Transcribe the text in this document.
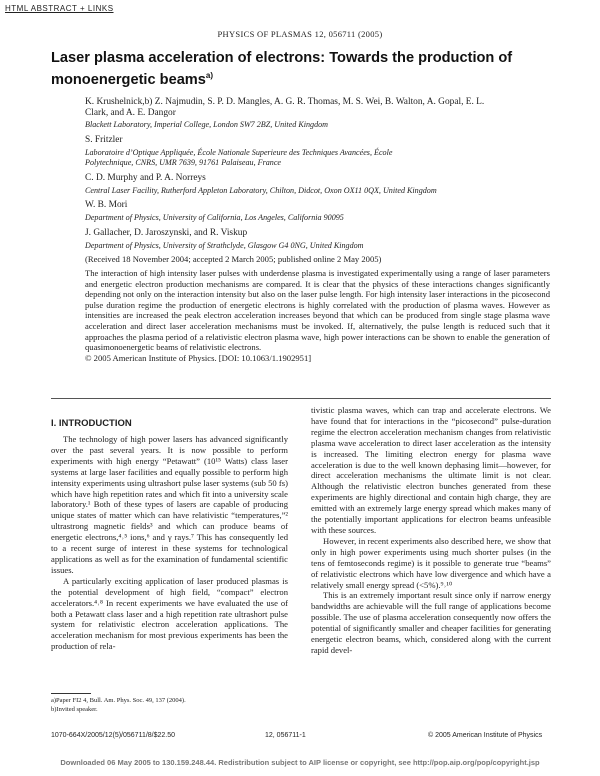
HTML ABSTRACT + LINKS
PHYSICS OF PLASMAS 12, 056711 (2005)
Laser plasma acceleration of electrons: Towards the production of monoenergetic beams$^{a)}$
K. Krushelnick,b) Z. Najmudin, S. P. D. Mangles, A. G. R. Thomas, M. S. Wei, B. Walton, A. Gopal, E. L. Clark, and A. E. Dangor
Blackett Laboratory, Imperial College, London SW7 2BZ, United Kingdom
S. Fritzler
Laboratoire d’Optique Appliquée, École Nationale Superieure des Techniques Avancées, École Polytechnique, CNRS, UMR 7639, 91761 Palaiseau, France
C. D. Murphy and P. A. Norreys
Central Laser Facility, Rutherford Appleton Laboratory, Chilton, Didcot, Oxon OX11 0QX, United Kingdom
W. B. Mori
Department of Physics, University of California, Los Angeles, California 90095
J. Gallacher, D. Jaroszynski, and R. Viskup
Department of Physics, University of Strathclyde, Glasgow G4 0NG, United Kingdom
(Received 18 November 2004; accepted 2 March 2005; published online 2 May 2005)

The interaction of high intensity laser pulses with underdense plasma is investigated experimentally using a range of laser parameters and energetic electron production mechanisms are compared. It is clear that the physics of these interactions changes significantly depending not only on the interaction intensity but also on the laser pulse length. For high intensity laser interactions in the picosecond pulse duration regime the production of energetic electrons is highly correlated with the production of plasma waves. However as intensities are increased the peak electron acceleration increases beyond that which can be produced from single stage plasma wave acceleration and direct laser acceleration mechanisms must be invoked. If, alternatively, the pulse length is reduced such that it approaches the plasma period of a relativistic electron plasma wave, high power interactions can be shown to enable the generation of quasimonoenergetic beams of relativistic electrons.

© 2005 American Institute of Physics. [DOI: 10.1063/1.1902951]

I. INTRODUCTION

The technology of high power lasers has advanced significantly over the past several years. It is now possible to perform experiments with high energy “Petawatt” (10¹⁵ Watts) class laser systems at large laser facilities and equally possible to perform high intensity experiments using ultrashort pulse laser systems (sub 50 fs) which have high repetition rates and which fit into a university scale laboratory.¹ Both of these types of lasers are capable of producing unique states of matter which can have relativistic “temperatures,”² ultrastrong magnetic fields³ and which can produce beams of energetic electrons,⁴˒⁵ ions,⁶ and γ rays.⁷ This has consequently led to a recent surge of interest in these systems for technological applications as well as for the examination of fundamental scientific issues.

A particularly exciting application of laser produced plasmas is the potential development of high field, “compact” electron accelerators.⁴˒⁸ In recent experiments we have evaluated the use of both a Petawatt class laser and a high repetition rate ultrashort pulse system for relativistic electron acceleration applications. The acceleration mechanism for most previous experiments has been the production of rela-

tivistic plasma waves, which can trap and accelerate electrons. We have found that for interactions in the “picosecond” pulse-duration regime the electron acceleration mechanism changes from relativistic plasma wave acceleration to direct laser acceleration as the intensity is increased. The limiting electron energy for plasma wave acceleration is due to the well known dephasing limit—however, for direct acceleration mechanisms the ultimate limit is not clear. Although the relativistic electron bunches generated from these experiments are highly directional and contain high charge, they are emitted with an extremely large energy spread which makes many of the potentially important applications for electron beams unfeasible with these sources.

However, in recent experiments also described here, we show that only in high power experiments using much shorter pulses (in the tens of femtoseconds regime) is it possible to generate true “beams” of relativistic electrons which have low divergence and which have a relatively small energy spread (<5%).⁹˒¹⁰

This is an extremely important result since only if narrow energy bandwidths are achievable will the full range of applications become possible. The use of plasma acceleration consequently now offers the potential of significantly smaller and cheaper facilities for generating energetic electron beams, which, considered along with the current rapid devel-

a)Paper FI2 4, Bull. Am. Phys. Soc. 49, 137 (2004).
b)Invited speaker.
1070-664X/2005/12(5)/056711/8/$22.50	12, 056711-1	© 2005 American Institute of Physics
Downloaded 06 May 2005 to 130.159.248.44. Redistribution subject to AIP license or copyright, see http://pop.aip.org/pop/copyright.jsp
